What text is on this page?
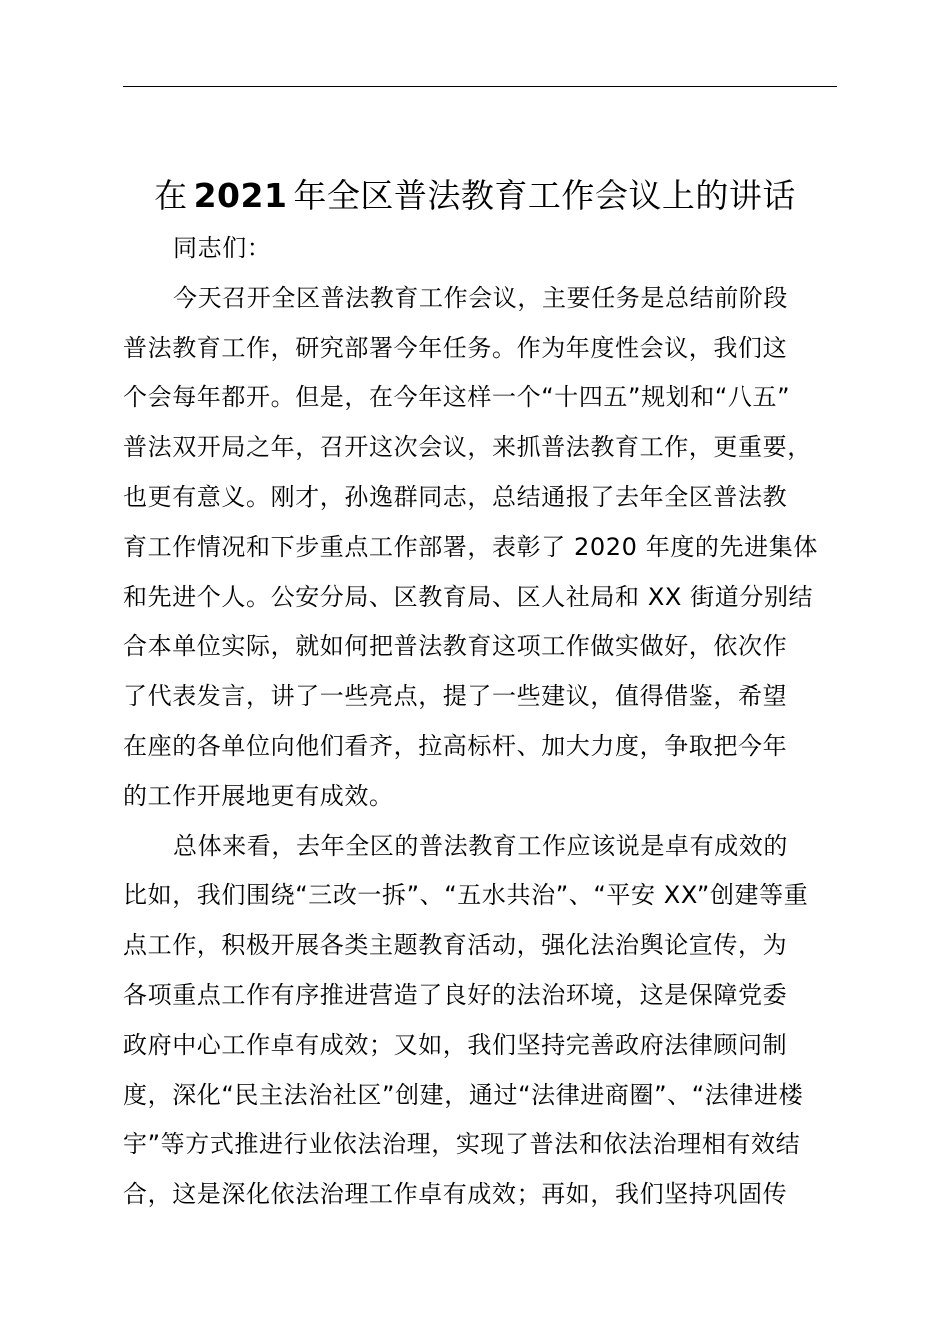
在 2021 年全区普法教育工作会议上的讲话
同志们：
今天召开全区普法教育工作会议，主要任务是总结前阶段
普法教育工作，研究部署今年任务。作为年度性会议，我们这
个会每年都开。但是，在今年这样一个“十四五”规划和“八五”
普法双开局之年，召开这次会议，来抓普法教育工作，更重要，
也更有意义。刚才，孙逸群同志，总结通报了去年全区普法教
育工作情况和下步重点工作部署，表彰了 2020 年度的先进集体
和先进个人。公安分局、区教育局、区人社局和 XX 街道分别结
合本单位实际，就如何把普法教育这项工作做实做好，依次作
了代表发言，讲了一些亮点，提了一些建议，值得借鉴，希望
在座的各单位向他们看齐，拉高标杆、加大力度，争取把今年
的工作开展地更有成效。
总体来看，去年全区的普法教育工作应该说是卓有成效的
比如，我们围绕“三改一拆”、“五水共治”、“平安 XX”创建等重
点工作，积极开展各类主题教育活动，强化法治舆论宣传，为
各项重点工作有序推进营造了良好的法治环境，这是保障党委
政府中心工作卓有成效；又如，我们坚持完善政府法律顾问制
度，深化“民主法治社区”创建，通过“法律进商圈”、“法律进楼
宇”等方式推进行业依法治理，实现了普法和依法治理相有效结
合，这是深化依法治理工作卓有成效；再如，我们坚持巩固传
